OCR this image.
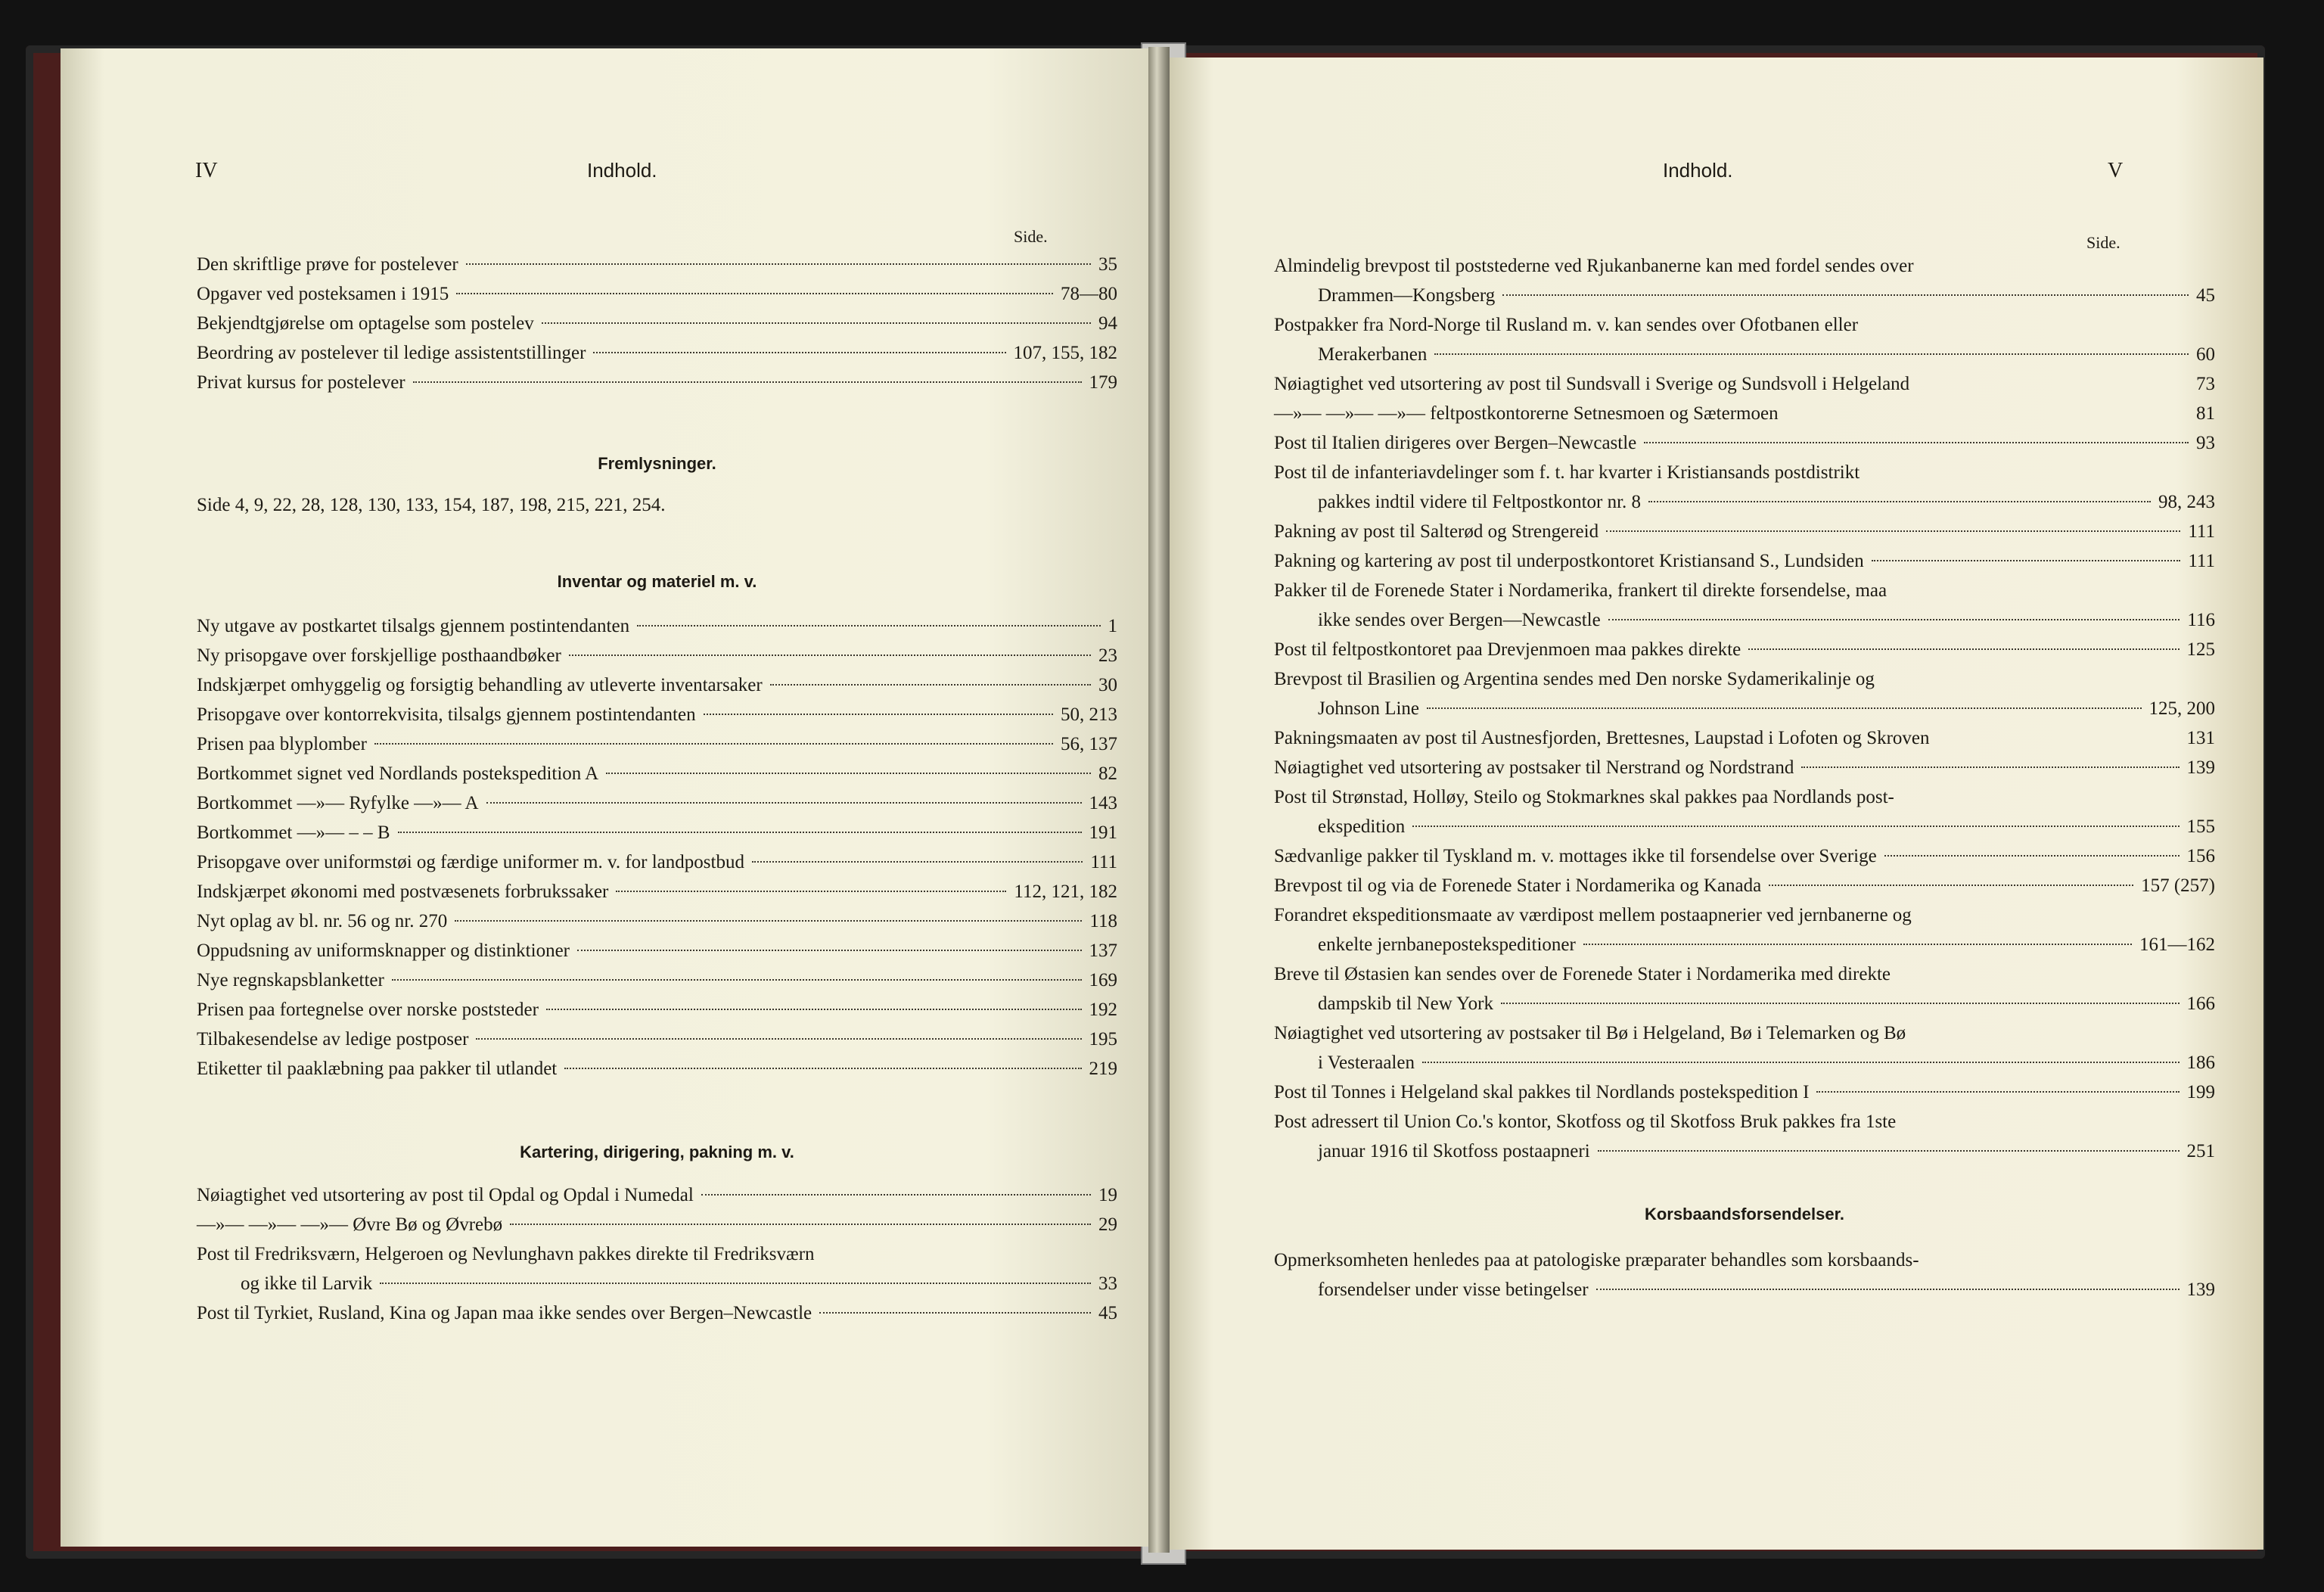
IV	Indhold.
Side.
Den skriftlige prøve for postelever	35
Opgaver ved posteksamen i 1915	78—80
Bekjendtgjørelse om optagelse som postelev	94
Beordring av postelever til ledige assistentstillinger	107, 155, 182
Privat kursus for postelever	179
Fremlysninger.
Side 4, 9, 22, 28, 128, 130, 133, 154, 187, 198, 215, 221, 254.
Inventar og materiel m. v.
Ny utgave av postkartet tilsalgs gjennem postintendanten	1
Ny prisopgave over forskjellige posthaandbøker	23
Indskjærpet omhyggelig og forsigtig behandling av utleverte inventarsaker	30
Prisopgave over kontorrekvisita, tilsalgs gjennem postintendanten	50, 213
Prisen paa blyplomber	56, 137
Bortkommet signet ved Nordlands postekspedition A	82
Bortkommet —»— Ryfylke —»— A	143
Bortkommet —»— – – B	191
Prisopgave over uniformstøi og færdige uniformer m. v. for landpostbud	111
Indskjærpet økonomi med postvæsenets forbrukssaker	112, 121, 182
Nyt oplag av bl. nr. 56 og nr. 270	118
Oppudsning av uniformsknapper og distinktioner	137
Nye regnskapsblanketter	169
Prisen paa fortegnelse over norske poststeder	192
Tilbakesendelse av ledige postposer	195
Etiketter til paaklæbning paa pakker til utlandet	219
Kartering, dirigering, pakning m. v.
Nøiagtighet ved utsortering av post til Opdal og Opdal i Numedal	19
—»— —»— —»— Øvre Bø og Øvrebø	29
Post til Fredriksværn, Helgeroen og Nevlunghavn pakkes direkte til Fredriksværn
og ikke til Larvik	33
Post til Tyrkiet, Rusland, Kina og Japan maa ikke sendes over Bergen–Newcastle	45
Indhold.	V
Side.
Almindelig brevpost til poststederne ved Rjukanbanerne kan med fordel sendes over
Drammen—Kongsberg	45
Postpakker fra Nord-Norge til Rusland m. v. kan sendes over Ofotbanen eller
Merakerbanen	60
Nøiagtighet ved utsortering av post til Sundsvall i Sverige og Sundsvoll i Helgeland	73
—»— —»— —»— feltpostkontorerne Setnesmoen og Sætermoen	81
Post til Italien dirigeres over Bergen–Newcastle	93
Post til de infanteriavdelinger som f. t. har kvarter i Kristiansands postdistrikt
pakkes indtil videre til Feltpostkontor nr. 8	98, 243
Pakning av post til Salterød og Strengereid	111
Pakning og kartering av post til underpostkontoret Kristiansand S., Lundsiden	111
Pakker til de Forenede Stater i Nordamerika, frankert til direkte forsendelse, maa
ikke sendes over Bergen—Newcastle	116
Post til feltpostkontoret paa Drevjenmoen maa pakkes direkte	125
Brevpost til Brasilien og Argentina sendes med Den norske Sydamerikalinje og
Johnson Line	125, 200
Pakningsmaaten av post til Austnesfjorden, Brettesnes, Laupstad i Lofoten og Skroven	131
Nøiagtighet ved utsortering av postsaker til Nerstrand og Nordstrand	139
Post til Strønstad, Holløy, Steilo og Stokmarknes skal pakkes paa Nordlands post-
ekspedition	155
Sædvanlige pakker til Tyskland m. v. mottages ikke til forsendelse over Sverige	156
Brevpost til og via de Forenede Stater i Nordamerika og Kanada	157 (257)
Forandret ekspeditionsmaate av værdipost mellem postaapnerier ved jernbanerne og
enkelte jernbanepostekspeditioner	161—162
Breve til Østasien kan sendes over de Forenede Stater i Nordamerika med direkte
dampskib til New York	166
Nøiagtighet ved utsortering av postsaker til Bø i Helgeland, Bø i Telemarken og Bø
i Vesteraalen	186
Post til Tonnes i Helgeland skal pakkes til Nordlands postekspedition I	199
Post adressert til Union Co.'s kontor, Skotfoss og til Skotfoss Bruk pakkes fra 1ste
januar 1916 til Skotfoss postaapneri	251
Korsbaandsforsendelser.
Opmerksomheten henledes paa at patologiske præparater behandles som korsbaands-
forsendelser under visse betingelser	139
